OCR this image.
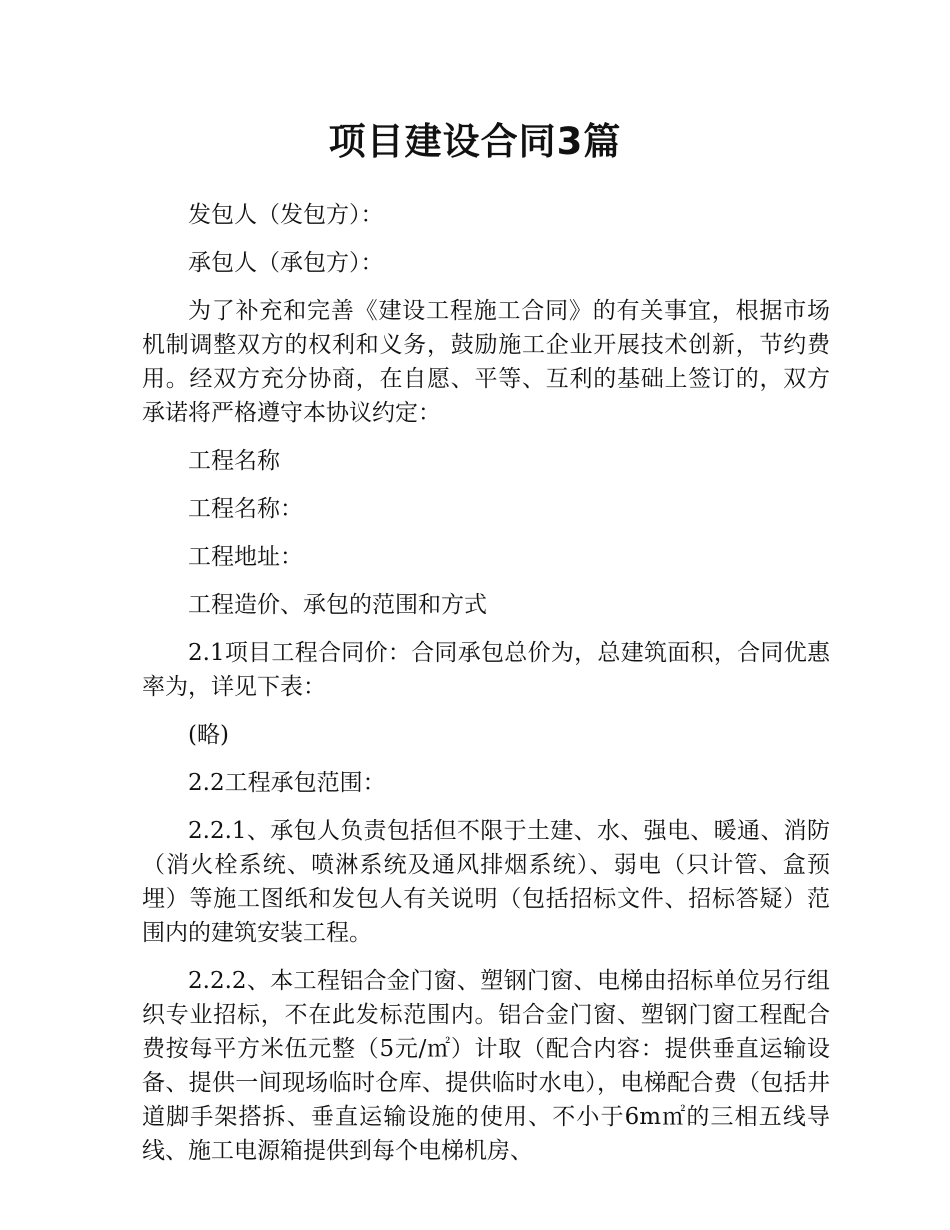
项目建设合同3篇

发包人（发包方）：

承包人（承包方）：

为了补充和完善《建设工程施工合同》的有关事宜，根据市场机制调整双方的权利和义务，鼓励施工企业开展技术创新，节约费用。经双方充分协商，在自愿、平等、互利的基础上签订的，双方承诺将严格遵守本协议约定：

工程名称

工程名称：

工程地址：

工程造价、承包的范围和方式

2.1项目工程合同价：合同承包总价为，总建筑面积，合同优惠率为，详见下表：

(略)

2.2工程承包范围：

2.2.1、承包人负责包括但不限于土建、水、强电、暖通、消防（消火栓系统、喷淋系统及通风排烟系统）、弱电（只计管、盒预埋）等施工图纸和发包人有关说明（包括招标文件、招标答疑）范围内的建筑安装工程。

2.2.2、本工程铝合金门窗、塑钢门窗、电梯由招标单位另行组织专业招标，不在此发标范围内。铝合金门窗、塑钢门窗工程配合费按每平方米伍元整（5元/㎡）计取（配合内容：提供垂直运输设备、提供一间现场临时仓库、提供临时水电），电梯配合费（包括井道脚手架搭拆、垂直运输设施的使用、不小于6m㎡的三相五线导线、施工电源箱提供到每个电梯机房、
